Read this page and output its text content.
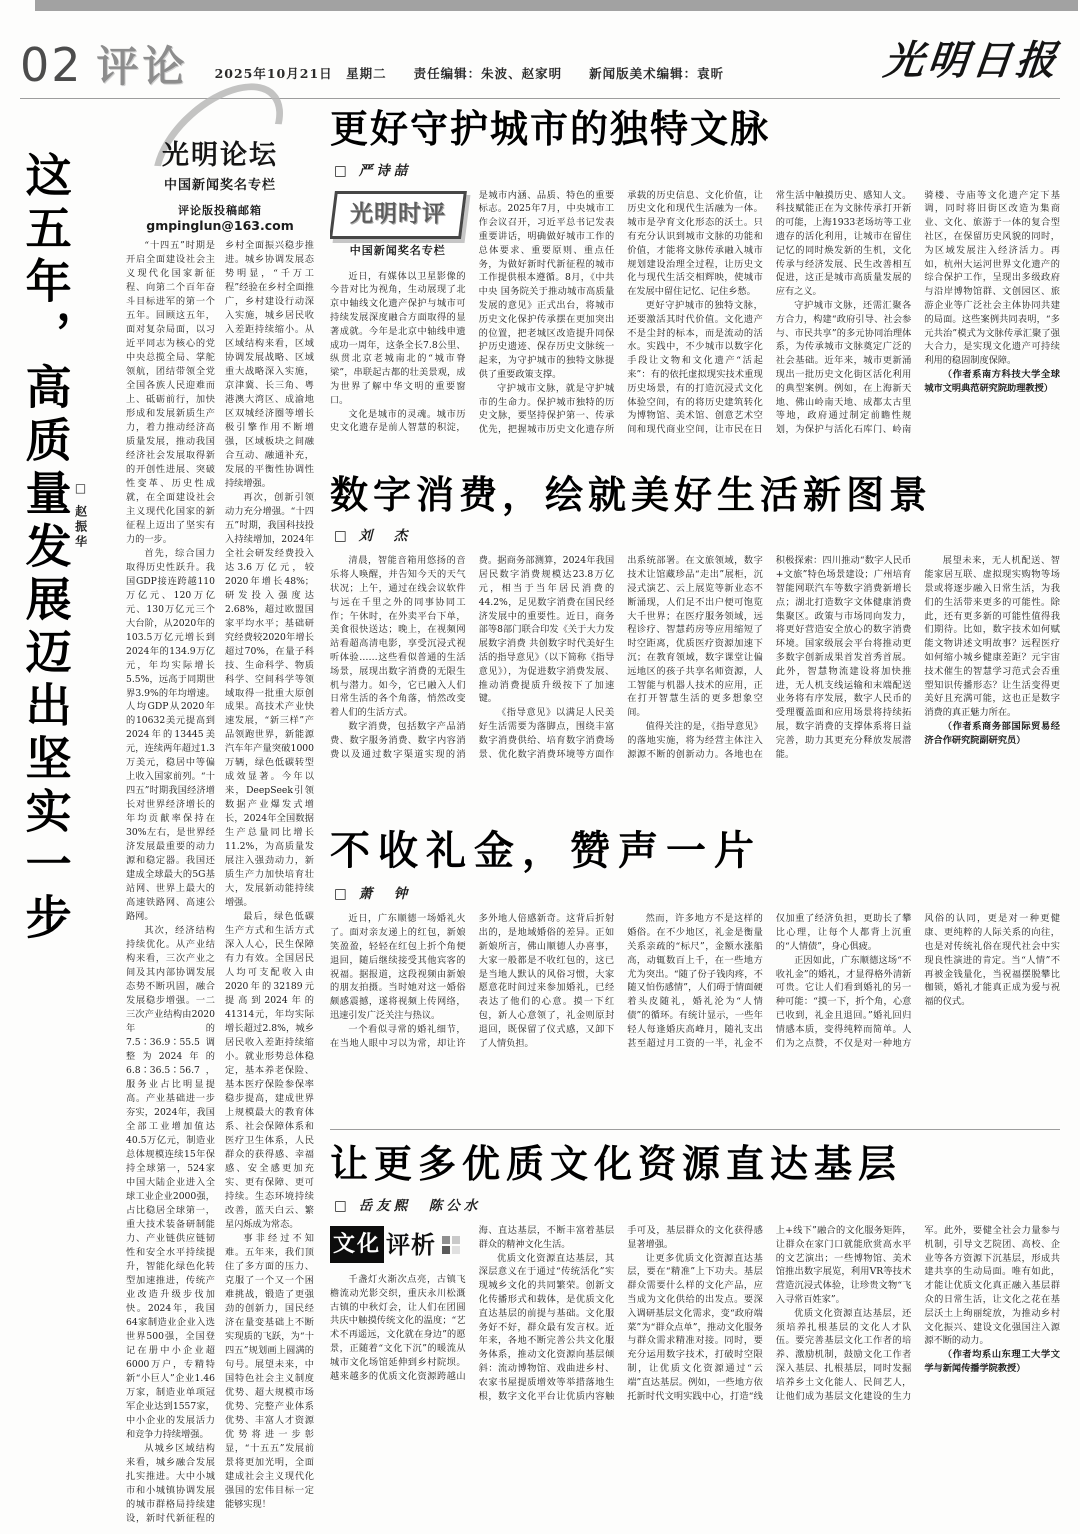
02 评论 2025年10月21日　星期二　　责任编辑：朱波、赵家明　　新闻版美术编辑：袁昕	光明日报
这五年，高质量发展迈出坚实一步 □ 赵振华
光明论坛
中国新闻奖名专栏
评论版投稿邮箱
gmpinglun@163.com

“十四五”时期是开启全面建设社会主义现代化国家新征程、向第二个百年奋斗目标进军的第一个五年。回顾这五年，面对复杂局面，以习近平同志为核心的党中央总揽全局、掌舵领航，团结带领全党全国各族人民迎难而上、砥砺前行，加快形成和发展新质生产力，着力推动经济高质量发展，推动我国经济社会发展取得新的开创性进展、突破性变革、历史性成就，在全面建设社会主义现代化国家的新征程上迈出了坚实有力的一步。

首先，综合国力取得历史性跃升。我国GDP接连跨越110万亿元、120万亿元、130万亿元三个大台阶，从2020年的103.5万亿元增长到2024年的134.9万亿元，年均实际增长5.5%，远高于同期世界3.9%的年均增速。人均GDP从2020年的10632美元提高到2024年的13445美元，连续两年超过1.3万美元，稳居中等偏上收入国家前列。“十四五”时期我国经济增长对世界经济增长的年均贡献率保持在30%左右，是世界经济发展最重要的动力源和稳定器。我国还建成全球最大的5G基站网、世界上最大的高速铁路网、高速公路网。

其次，经济结构持续优化。从产业结构来看，三次产业之间及其内部协调发展态势不断巩固，融合发展稳步增强。一二三次产业结构由2020年的7.5∶36.9∶55.5调整为2024年的6.8∶36.5∶56.7，服务业占比明显提高。产业基础进一步夯实，2024年，我国全部工业增加值达40.5万亿元，制造业总体规模连续15年保持全球第一，524家中国大陆企业进入全球工业企业2000强，占比稳居全球第一，重大技术装备研制能力、产业链供应链韧性和安全水平持续提升，智能化绿色化转型加速推进，传统产业改造升级步伐加快。2024年，我国64家制造业企业入选世界500强，全国登记在册中小企业超6000万户，专精特新“小巨人”企业1.46万家，制造业单项冠军企业达到1557家，中小企业的发展活力和竞争力持续增强。

从城乡区域结构来看，城乡融合发展扎实推进。大中小城市和小城镇协调发展的城市群格局持续建设，新时代新征程的乡村全面振兴稳步推进。城乡协调发展态势明显，“千万工程”经验在乡村全面推广，乡村建设行动深入实施，城乡居民收入差距持续缩小。从区域结构来看，区域协调发展战略、区域重大战略深入实施，京津冀、长三角、粤港澳大湾区、成渝地区双城经济圈等增长极引擎作用不断增强，区域板块之间融合互动、融通补充，发展的平衡性协调性持续增强。

再次，创新引领动力充分增强。“十四五”时期，我国科技投入持续增加，2024年全社会研发经费投入达3.6万亿元，较2020年增长48%；研发投入强度达2.68%，超过欧盟国家平均水平；基础研究经费较2020年增长超过70%，在量子科技、生命科学、物质科学、空间科学等领域取得一批重大原创成果。高技术产业快速发展，“新三样”产品领跑世界，新能源汽车年产量突破1000万辆，绿色低碳转型成效显著。今年以来，DeepSeek引领数据产业爆发式增长，2024年全国数据生产总量同比增长11.2%，为高质量发展注入强劲动力，新质生产力加快培育壮大，发展新动能持续增强。

最后，绿色低碳生产方式和生活方式深入人心，民生保障有力有效。全国居民人均可支配收入由2020年的32189元提高到2024年的41314元，年均实际增长超过2.8%，城乡居民收入差距持续缩小。就业形势总体稳定，基本养老保险、基本医疗保险参保率稳步提高，建成世界上规模最大的教育体系、社会保障体系和医疗卫生体系，人民群众的获得感、幸福感、安全感更加充实、更有保障、更可持续。生态环境持续改善，蓝天白云、繁星闪烁成为常态。

事非经过不知难。五年来，我们顶住了多方面的压力、克服了一个又一个困难挑战，锻造了更强劲的创新力，国民经济在量变基础上不断实现质的飞跃，为“十四五”规划画上圆满的句号。展望未来，中国特色社会主义制度优势、超大规模市场优势、完整产业体系优势、丰富人才资源优势将进一步彰显，“十五五”发展前景将更加光明，全面建成社会主义现代化强国的宏伟目标一定能够实现！

更好守护城市的独特文脉
□ 严诗喆
光明时评
中国新闻奖名专栏

近日，有媒体以卫星影像的今昔对比为视角，生动展现了北京中轴线文化遗产保护与城市可持续发展深度融合方面取得的显著成就。今年是北京中轴线申遗成功一周年，这条全长7.8公里、纵贯北京老城南北的“城市脊梁”，串联起古都的壮美景观，成为世界了解中华文明的重要窗口。

文化是城市的灵魂。城市历史文化遗存是前人智慧的积淀，是城市内涵、品质、特色的重要标志。2025年7月，中央城市工作会议召开，习近平总书记发表重要讲话，明确做好城市工作的总体要求、重要原则、重点任务，为做好新时代新征程的城市工作提供根本遵循。8月，《中共中央 国务院关于推动城市高质量发展的意见》正式出台，将城市历史文化保护传承摆在更加突出的位置，把老城区改造提升同保护历史遗迹、保存历史文脉统一起来，为守护城市的独特文脉提供了重要政策支撑。

守护城市文脉，就是守护城市的生命力。保护城市独特的历史文脉，要坚持保护第一、传承优先，把握城市历史文化遗存所承载的历史信息、文化价值，让历史文化和现代生活融为一体。城市是孕育文化形态的沃土。只有充分认识到城市文脉的功能和价值，才能将文脉传承融入城市规划建设治理全过程，让历史文化与现代生活交相辉映，使城市在发展中留住记忆、记住乡愁。

更好守护城市的独特文脉，还要激活其时代价值。文化遗产不是尘封的标本，而是流动的活水。实践中，不少城市以数字化手段让文物和文化遗产“活起来”：有的依托虚拟现实技术重现历史场景，有的打造沉浸式文化体验空间，有的将历史建筑转化为博物馆、美术馆、创意艺术空间和现代商业空间，让市民在日常生活中触摸历史、感知人文。科技赋能正在为文脉传承打开新的可能，上海1933老场坊等工业遗存的活化利用，让城市在留住记忆的同时焕发新的生机，文化传承与经济发展、民生改善相互促进，这正是城市高质量发展的应有之义。

守护城市文脉，还需汇聚各方合力，构建“政府引导、社会参与、市民共享”的多元协同治理体系，为传承城市文脉奠定广泛的社会基础。近年来，城市更新涌现出一批历史文化街区活化利用的典型案例。例如，在上海新天地、佛山岭南天地、成都太古里等地，政府通过制定前瞻性规划，为保护与活化石库门、岭南骑楼、寺庙等文化遗产定下基调，同时将旧街区改造为集商业、文化、旅游于一体的复合型社区，在保留历史风貌的同时，为区域发展注入经济活力。再如，杭州大运河世界文化遗产的综合保护工作，呈现出多级政府与沿岸博物馆群、文创园区、旅游企业等广泛社会主体协同共建的局面。这些案例共同表明，“多元共治”模式为文脉传承汇聚了强大合力，是实现文化遗产可持续利用的稳固制度保障。

（作者系南方科技大学全球城市文明典范研究院助理教授）

数字消费，绘就美好生活新图景
□ 刘　杰

清晨，智能音箱用悠扬的音乐将人唤醒，并告知今天的天气状况；上午，通过在线会议软件与远在千里之外的同事协同工作；午休时，在外卖平台下单，美食很快送达；晚上，在视频网站看超高清电影，享受沉浸式视听体验……这些看似普通的生活场景，展现出数字消费的无限生机与潜力。如今，它已融入人们日常生活的各个角落，悄然改变着人们的生活方式。

数字消费，包括数字产品消费、数字服务消费、数字内容消费以及通过数字渠道实现的消费。据商务部测算，2024年我国居民数字消费规模达23.8万亿元，相当于当年居民消费的44.2%，足见数字消费在国民经济发展中的重要性。近日，商务部等8部门联合印发《关于大力发展数字消费 共创数字时代美好生活的指导意见》（以下简称《指导意见》），为促进数字消费发展、推动消费提质升级按下了加速键。

《指导意见》以满足人民美好生活需要为落脚点，围绕丰富数字消费供给、培育数字消费场景、优化数字消费环境等方面作出系统部署。在文旅领域，数字技术让馆藏珍品“走出”展柜，沉浸式演艺、云上展览等新业态不断涌现，人们足不出户便可饱览大千世界；在医疗服务领域，远程诊疗、智慧药房等应用缩短了时空距离，优质医疗资源加速下沉；在教育领域，数字课堂让偏远地区的孩子共享名师资源，人工智能与机器人技术的应用，正在打开智慧生活的更多想象空间。

值得关注的是，《指导意见》的落地实施，将为经营主体注入源源不断的创新动力。各地也在积极探索：四川推动“数字人民币+文旅”特色场景建设；广州培育智能网联汽车等数字消费新增长点；湖北打造数字文体健康消费集聚区。政策与市场同向发力，将更好营造安全放心的数字消费环境。国家级展会平台将推动更多数字创新成果首发首秀首展。此外，智慧物流建设将加快推进，无人机支线运输和末端配送业务将有序发展，数字人民币的受理覆盖面和应用场景将持续拓展，数字消费的支撑体系将日益完善，助力其更充分释放发展潜能。

展望未来，无人机配送、智能家居互联、虚拟现实购物等场景或将逐步融入日常生活，为我们的生活带来更多的可能性。除此，还有更多新的可能性值得我们期待。比如，数字技术如何赋能文物讲述文明故事？远程医疗如何缩小城乡健康差距？元宇宙技术催生的智慧学习范式会否重塑知识传播形态？让生活变得更美好且充满可能，这也正是数字消费的真正魅力所在。

（作者系商务部国际贸易经济合作研究院副研究员）

不收礼金，赞声一片
□ 萧　钟

近日，广东顺德一场婚礼火了。面对亲友递上的红包，新娘笑盈盈，轻轻在红包上折个角便退回，随后继续接受其他宾客的祝福。据报道，这段视频由新娘的朋友拍摄。当时她对这一婚俗颇感震撼，遂将视频上传网络，迅速引发广泛关注与热议。

一个看似寻常的婚礼细节，在当地人眼中习以为常，却让许多外地人倍感新奇。这背后折射出的，是地域婚俗的差异。正如新娘所言，佛山顺德人办喜事，大家一般都是不收红包的，这已是当地人默认的风俗习惯，大家愿意花时间过来参加婚礼，已经表达了他们的心意。摸一下红包，新人心意领了，礼金则原封退回，既保留了仪式感，又卸下了人情负担。

然而，许多地方不是这样的婚俗。在不少地区，礼金是衡量关系亲疏的“标尺”，金额水涨船高，动辄数百上千，在一些地方尤为突出。“随了份子钱肉疼，不随又怕伤感情”，人们碍于情面硬着头皮随礼，婚礼沦为“人情债”的循环。有统计显示，一些年轻人每逢婚庆高峰月，随礼支出甚至超过月工资的一半，礼金不仅加重了经济负担，更助长了攀比心理，让每个人都背上沉重的“人情债”，身心俱疲。

正因如此，广东顺德这场“不收礼金”的婚礼，才显得格外清新可贵。它让人们看到婚礼的另一种可能：“摸一下，折个角，心意已收到，礼金且退回。”婚礼回归情感本质，变得纯粹而简单。人们为之点赞，不仅是对一种地方风俗的认同，更是对一种更健康、更纯粹的人际关系的向往，也是对传统礼俗在现代社会中实现良性演进的肯定。当“人情”不再被金钱量化，当祝福摆脱攀比枷锁，婚礼才能真正成为爱与祝福的仪式。

让更多优质文化资源直达基层
□ 岳友熙　陈公水
文化 评析

千盏灯火渐次点亮，古镇飞檐流动光影交织，重庆永川松溉古镇的中秋灯会，让人们在团圆共庆中触摸传统文化的温度；“艺术不再遥远，文化就在身边”的愿景，正随着“文化下沉”的暖流从城市文化场馆延伸到乡村院坝。越来越多的优质文化资源跨越山海、直达基层，不断丰富着基层群众的精神文化生活。

优质文化资源直达基层，其深层意义在于通过“传统活化”实现城乡文化的共同繁荣。创新文化传播形式和载体，是优质文化直达基层的前提与基础。文化服务好不好，群众最有发言权。近年来，各地不断完善公共文化服务体系，推动文化资源向基层倾斜：流动博物馆、戏曲进乡村、农家书屋提质增效等举措落地生根，数字文化平台让优质内容触手可及，基层群众的文化获得感显著增强。

让更多优质文化资源直达基层，要在“精准”上下功夫。基层群众需要什么样的文化产品，应当成为文化供给的出发点。要深入调研基层文化需求，变“政府端菜”为“群众点单”，推动文化服务与群众需求精准对接。同时，要充分运用数字技术，打破时空限制，让优质文化资源通过“云端”直达基层。例如，一些地方依托新时代文明实践中心，打造“线上+线下”融合的文化服务矩阵，让群众在家门口就能欣赏高水平的文艺演出；一些博物馆、美术馆推出数字展览，利用VR等技术营造沉浸式体验，让珍贵文物“飞入寻常百姓家”。

优质文化资源直达基层，还须培养扎根基层的文化人才队伍。要完善基层文化工作者的培养、激励机制，鼓励文化工作者深入基层、扎根基层，同时发掘培养乡土文化能人、民间艺人，让他们成为基层文化建设的生力军。此外，要健全社会力量参与机制，引导文艺院团、高校、企业等各方资源下沉基层，形成共建共享的生动局面。唯有如此，才能让优质文化真正融入基层群众的日常生活，让文化之花在基层沃土上绚丽绽放，为推动乡村文化振兴、建设文化强国注入源源不断的动力。

（作者均系山东理工大学文学与新闻传播学院教授）
